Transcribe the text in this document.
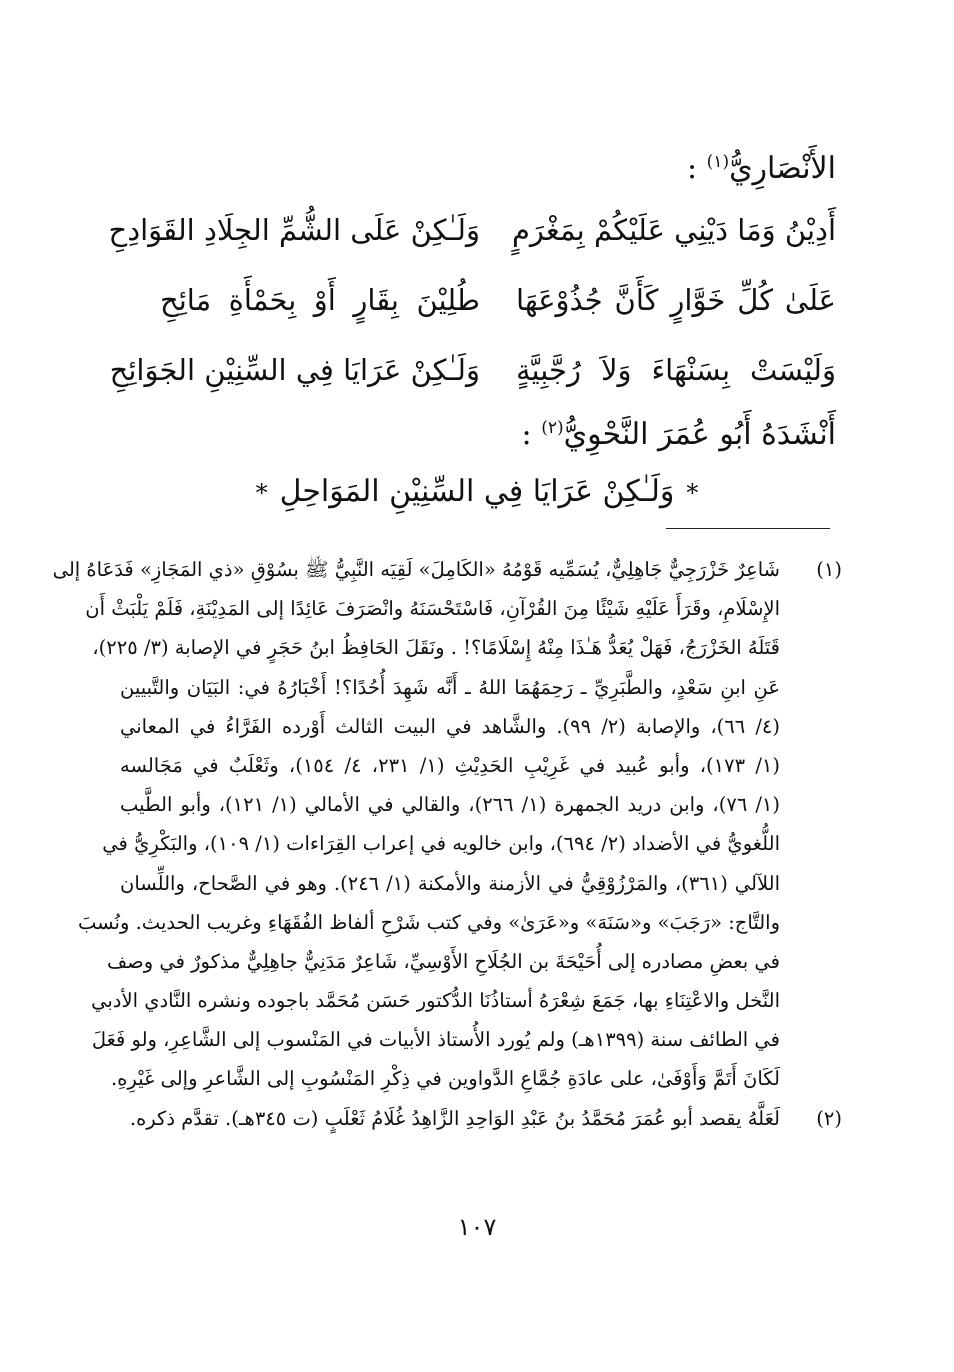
الأَنْصَارِيُّ$^{(١)}$ :
أَدِيْنُ وَمَا دَيْنِي عَلَيْكُمْ بِمَغْرَمٍ
وَلَـٰكِنْ عَلَى الشُّمِّ الجِلَادِ القَوَادِحِ
عَلَىٰ كُلِّ خَوَّارٍ كَأَنَّ جُذُوْعَهَا
طُلِيْنَ بِقَارٍ أَوْ بِحَمْأَةِ مَائِحِ
وَلَيْسَتْ بِسَنْهَاءَ وَلاَ رُجَّبِيَّةٍ
وَلَـٰكِنْ عَرَايَا فِي السِّنِيْنِ الجَوَائِحِ
أَنْشَدَهُ أَبُو عُمَرَ النَّحْوِيُّ$^{(٢)}$ :
*وَلَـٰكِنْ عَرَايَا فِي السِّنِيْنِ المَوَاحِلِ*
(١)
شَاعِرٌ خَزْرَجِيٌّ جَاهِلِيٌّ، يُسَمِّيه قَوْمُهُ «الكَامِلَ» لَقِيَه النَّبِيُّ ﷺ بسُوْقِ «ذي المَجَازِ» فَدَعَاهُ إلى
الإِسْلَامِ، وقَرَأَ عَلَيْهِ شَيْئًا مِنَ القُرْآنِ، فَاسْتَحْسَنَهُ وانْصَرَفَ عَائِدًا إلى المَدِيْنَةِ، فَلَمْ يَلْبَثْ أَن
قَتَلَهُ الخَزْرَجُ، فَهَلْ يُعَدُّ هَـٰذَا مِنْهُ إِسْلَامًا؟! . ونَقَلَ الحَافِظُ ابنُ حَجَرٍ في الإصابة (٣/ ٢٢٥)،
عَنِ ابنِ سَعْدٍ، والطَّبَرِيِّ ـ رَحِمَهُمَا اللهُ ـ أَنَّه شَهِدَ أُحُدًا؟! أَخْبَارُهُ في: البَيَان والتَّبيين
(٤/ ٦٦)، والإصابة (٢/ ٩٩). والشَّاهد في البيت الثالث أَوْرده الفَرَّاءُ في المعاني
(١/ ١٧٣)، وأبو عُبيد في غَرِيْبِ الحَدِيْثِ (١/ ٢٣١، ٤/ ١٥٤)، وثَعْلَبٌ في مَجَالسه
(١/ ٧٦)، وابن دريد الجمهرة (١/ ٢٦٦)، والقالي في الأمالي (١/ ١٢١)، وأبو الطَّيب
اللُّغويُّ في الأضداد (٢/ ٦٩٤)، وابن خالويه في إعراب القِرَاءات (١/ ١٠٩)، والبَكْرِيُّ في
اللآلي (٣٦١)، والمَرْزُوْقِيُّ في الأزمنة والأمكنة (١/ ٢٤٦). وهو في الصَّحاح، واللِّسان
والتَّاج: «رَجَبَ» و«سَنَهَ» و«عَرَىٰ» وفي كتب شَرْحِ ألفاظ الفُقَهَاءِ وغريب الحديث. ونُسبَ
في بعضِ مصادره إلى أُحَيْحَةَ بن الجُلَاحِ الأَوْسِيِّ، شَاعِرٌ مَدَنِيٌّ جاهِلِيٌّ مذكورٌ في وصف
النَّخل والاعْتِنَاءِ بها، جَمَعَ شِعْرَهُ أستاذُنَا الدُّكتور حَسَن مُحَمَّد باجوده ونشره النَّادي الأدبي
في الطائف سنة (١٣٩٩هـ) ولم يُورد الأُستاذ الأبيات في المَنْسوب إلى الشَّاعِرِ، ولو فَعَلَ
لَكَانَ أَتَمَّ وَأَوْفَىٰ، على عادَةِ جُمَّاعِ الدَّواوين في ذِكْرِ المَنْسُوبِ إلى الشَّاعرِ وإلى غَيْرِهِ.
(٢)
لَعَلَّهُ يقصد أبو عُمَرَ مُحَمَّدُ بنُ عَبْدِ الوَاحِدِ الزَّاهِدُ غُلَامُ ثَعْلَبٍ (ت ٣٤٥هـ). تقدَّم ذكره.
١٠٧
